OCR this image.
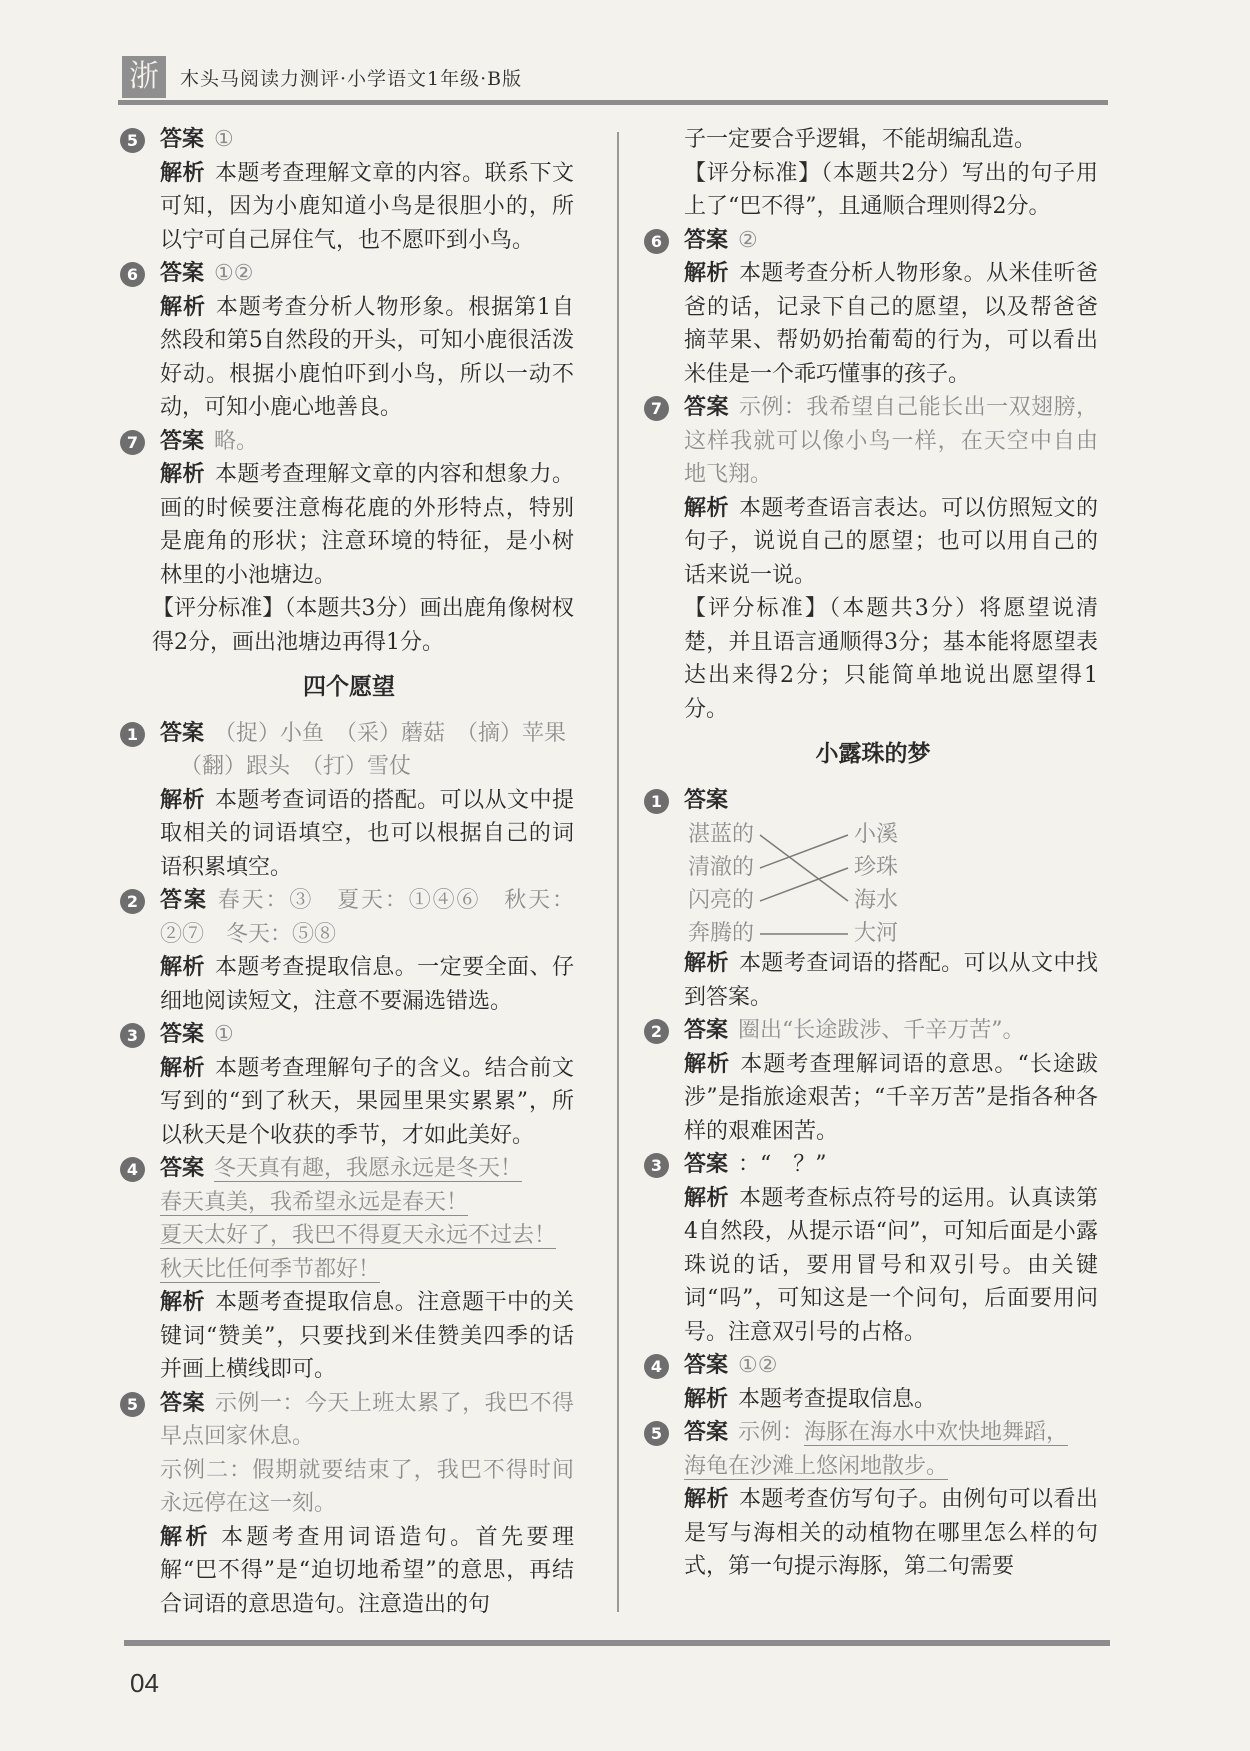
浙	木头马阅读力测评·小学语文1年级·B版
5 答案 ①
解析 本题考查理解文章的内容。联系下文可知，因为小鹿知道小鸟是很胆小的，所以宁可自己屏住气，也不愿吓到小鸟。
6 答案 ①②
解析 本题考查分析人物形象。根据第1自然段和第5自然段的开头，可知小鹿很活泼好动。根据小鹿怕吓到小鸟，所以一动不动，可知小鹿心地善良。
7 答案 略。
解析 本题考查理解文章的内容和想象力。画的时候要注意梅花鹿的外形特点，特别是鹿角的形状；注意环境的特征，是小树林里的小池塘边。
【评分标准】（本题共3分）画出鹿角像树杈得2分，画出池塘边再得1分。
四个愿望
1 答案 （捉）小鱼　（采）蘑菇　（摘）苹果
（翻）跟头　（打）雪仗
解析 本题考查词语的搭配。可以从文中提取相关的词语填空，也可以根据自己的词语积累填空。
2 答案 春天：③　夏天：①④⑥　秋天：②⑦　冬天：⑤⑧
解析 本题考查提取信息。一定要全面、仔细地阅读短文，注意不要漏选错选。
3 答案 ①
解析 本题考查理解句子的含义。结合前文写到的“到了秋天，果园里果实累累”，所以秋天是个收获的季节，才如此美好。
4 答案 冬天真有趣，我愿永远是冬天！
春天真美，我希望永远是春天！
夏天太好了，我巴不得夏天永远不过去！
秋天比任何季节都好！
解析 本题考查提取信息。注意题干中的关键词“赞美”，只要找到米佳赞美四季的话并画上横线即可。
5 答案 示例一：今天上班太累了，我巴不得早点回家休息。
示例二：假期就要结束了，我巴不得时间永远停在这一刻。
解析 本题考查用词语造句。首先要理解“巴不得”是“迫切地希望”的意思，再结合词语的意思造句。注意造出的句
子一定要合乎逻辑，不能胡编乱造。
【评分标准】（本题共2分）写出的句子用上了“巴不得”，且通顺合理则得2分。
6 答案 ②
解析 本题考查分析人物形象。从米佳听爸爸的话，记录下自己的愿望，以及帮爸爸摘苹果、帮奶奶抬葡萄的行为，可以看出米佳是一个乖巧懂事的孩子。
7 答案 示例：我希望自己能长出一双翅膀，这样我就可以像小鸟一样，在天空中自由地飞翔。
解析 本题考查语言表达。可以仿照短文的句子，说说自己的愿望；也可以用自己的话来说一说。
【评分标准】（本题共3分）将愿望说清楚，并且语言通顺得3分；基本能将愿望表达出来得2分；只能简单地说出愿望得1分。
小露珠的梦
1 答案
湛蓝的
清澈的
闪亮的
奔腾的
小溪
珍珠
海水
大河
解析 本题考查词语的搭配。可以从文中找到答案。
2 答案 圈出“长途跋涉、千辛万苦”。
解析 本题考查理解词语的意思。“长途跋涉”是指旅途艰苦；“千辛万苦”是指各种各样的艰难困苦。
3 答案 ：“　？”
解析 本题考查标点符号的运用。认真读第4自然段，从提示语“问”，可知后面是小露珠说的话，要用冒号和双引号。由关键词“吗”，可知这是一个问句，后面要用问号。注意双引号的占格。
4 答案 ①②
解析 本题考查提取信息。
5 答案 示例：海豚在海水中欢快地舞蹈，
海龟在沙滩上悠闲地散步。
解析 本题考查仿写句子。由例句可以看出是写与海相关的动植物在哪里怎么样的句式，第一句提示海豚，第二句需要
04
